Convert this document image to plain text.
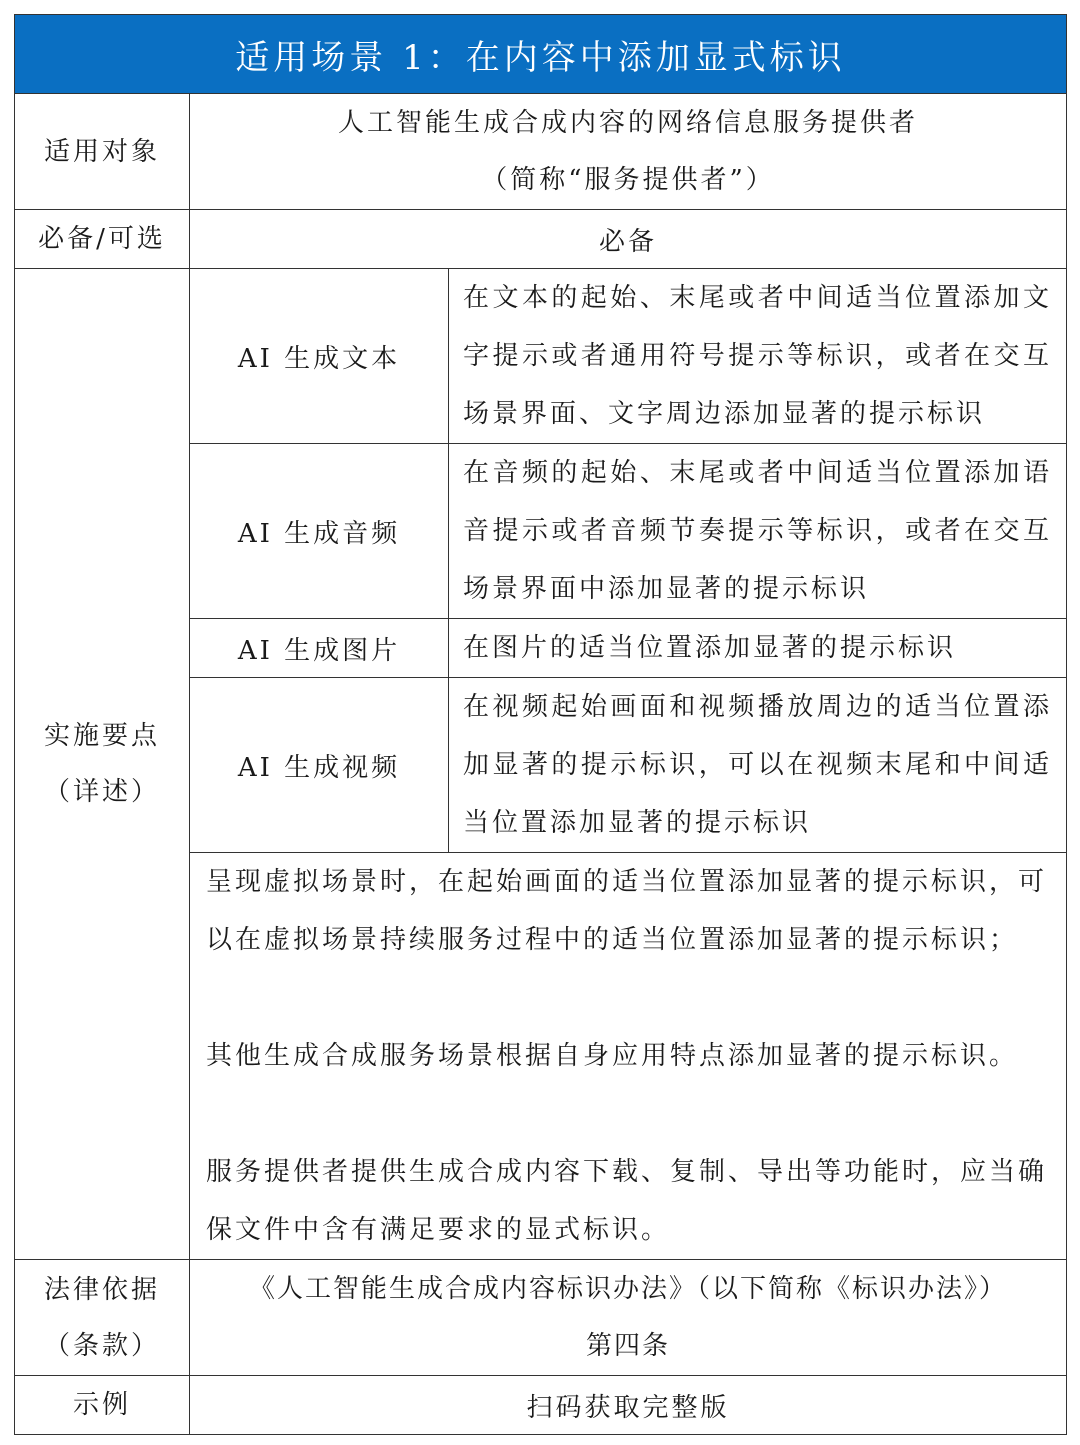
适用场景 1：在内容中添加显式标识		
适用对象	人工智能生成合成内容的网络信息服务提供者
（简称“服务提供者”）	

必备/可选	必备	

实施要点
（详述）	AI 生成文本	在文本的起始、末尾或者中间适当位置添加文字提示或者通用符号提示等标识，或者在交互场景界面、文字周边添加显著的提示标识
	AI 生成音频	在音频的起始、末尾或者中间适当位置添加语音提示或者音频节奏提示等标识，或者在交互场景界面中添加显著的提示标识
	AI 生成图片	在图片的适当位置添加显著的提示标识
	AI 生成视频	在视频起始画面和视频播放周边的适当位置添加显著的提示标识，可以在视频末尾和中间适当位置添加显著的提示标识

	呈现虚拟场景时，在起始画面的适当位置添加显著的提示标识，可以在虚拟场景持续服务过程中的适当位置添加显著的提示标识；

其他生成合成服务场景根据自身应用特点添加显著的提示标识。

服务提供者提供生成合成内容下载、复制、导出等功能时，应当确保文件中含有满足要求的显式标识。	

法律依据
（条款）	《人工智能生成合成内容标识办法》（以下简称《标识办法》）
第四条	

示例	扫码获取完整版	
